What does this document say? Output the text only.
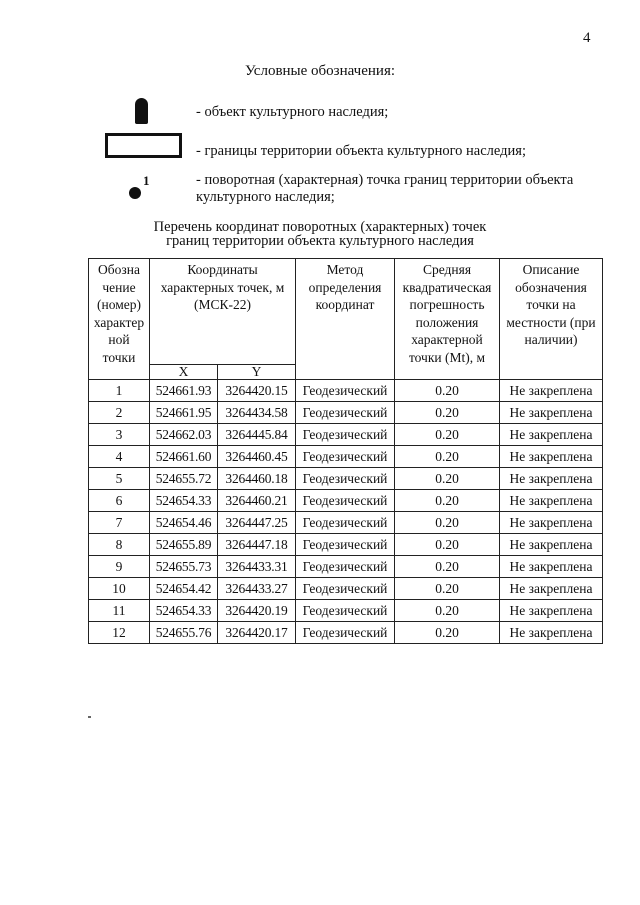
4
Условные обозначения:
- объект культурного наследия;
- границы территории объекта культурного наследия;
1	- поворотная (характерная) точка границ территории объекта культурного наследия;
Перечень координат поворотных (характерных) точек
границ территории объекта культурного наследия
Обозна чение (номер) характер ной точки	Координаты характерных точек, м (МСК-22)		Метод определения координат	Средняя квадратическая погрешность положения характерной точки (Mt), м	Описание обозначения точки на местности (при наличии)
	X	Y			
1	524661.93	3264420.15	Геодезический	0.20	Не закреплена
2	524661.95	3264434.58	Геодезический	0.20	Не закреплена
3	524662.03	3264445.84	Геодезический	0.20	Не закреплена
4	524661.60	3264460.45	Геодезический	0.20	Не закреплена
5	524655.72	3264460.18	Геодезический	0.20	Не закреплена
6	524654.33	3264460.21	Геодезический	0.20	Не закреплена
7	524654.46	3264447.25	Геодезический	0.20	Не закреплена
8	524655.89	3264447.18	Геодезический	0.20	Не закреплена
9	524655.73	3264433.31	Геодезический	0.20	Не закреплена
10	524654.42	3264433.27	Геодезический	0.20	Не закреплена
11	524654.33	3264420.19	Геодезический	0.20	Не закреплена
12	524655.76	3264420.17	Геодезический	0.20	Не закреплена
